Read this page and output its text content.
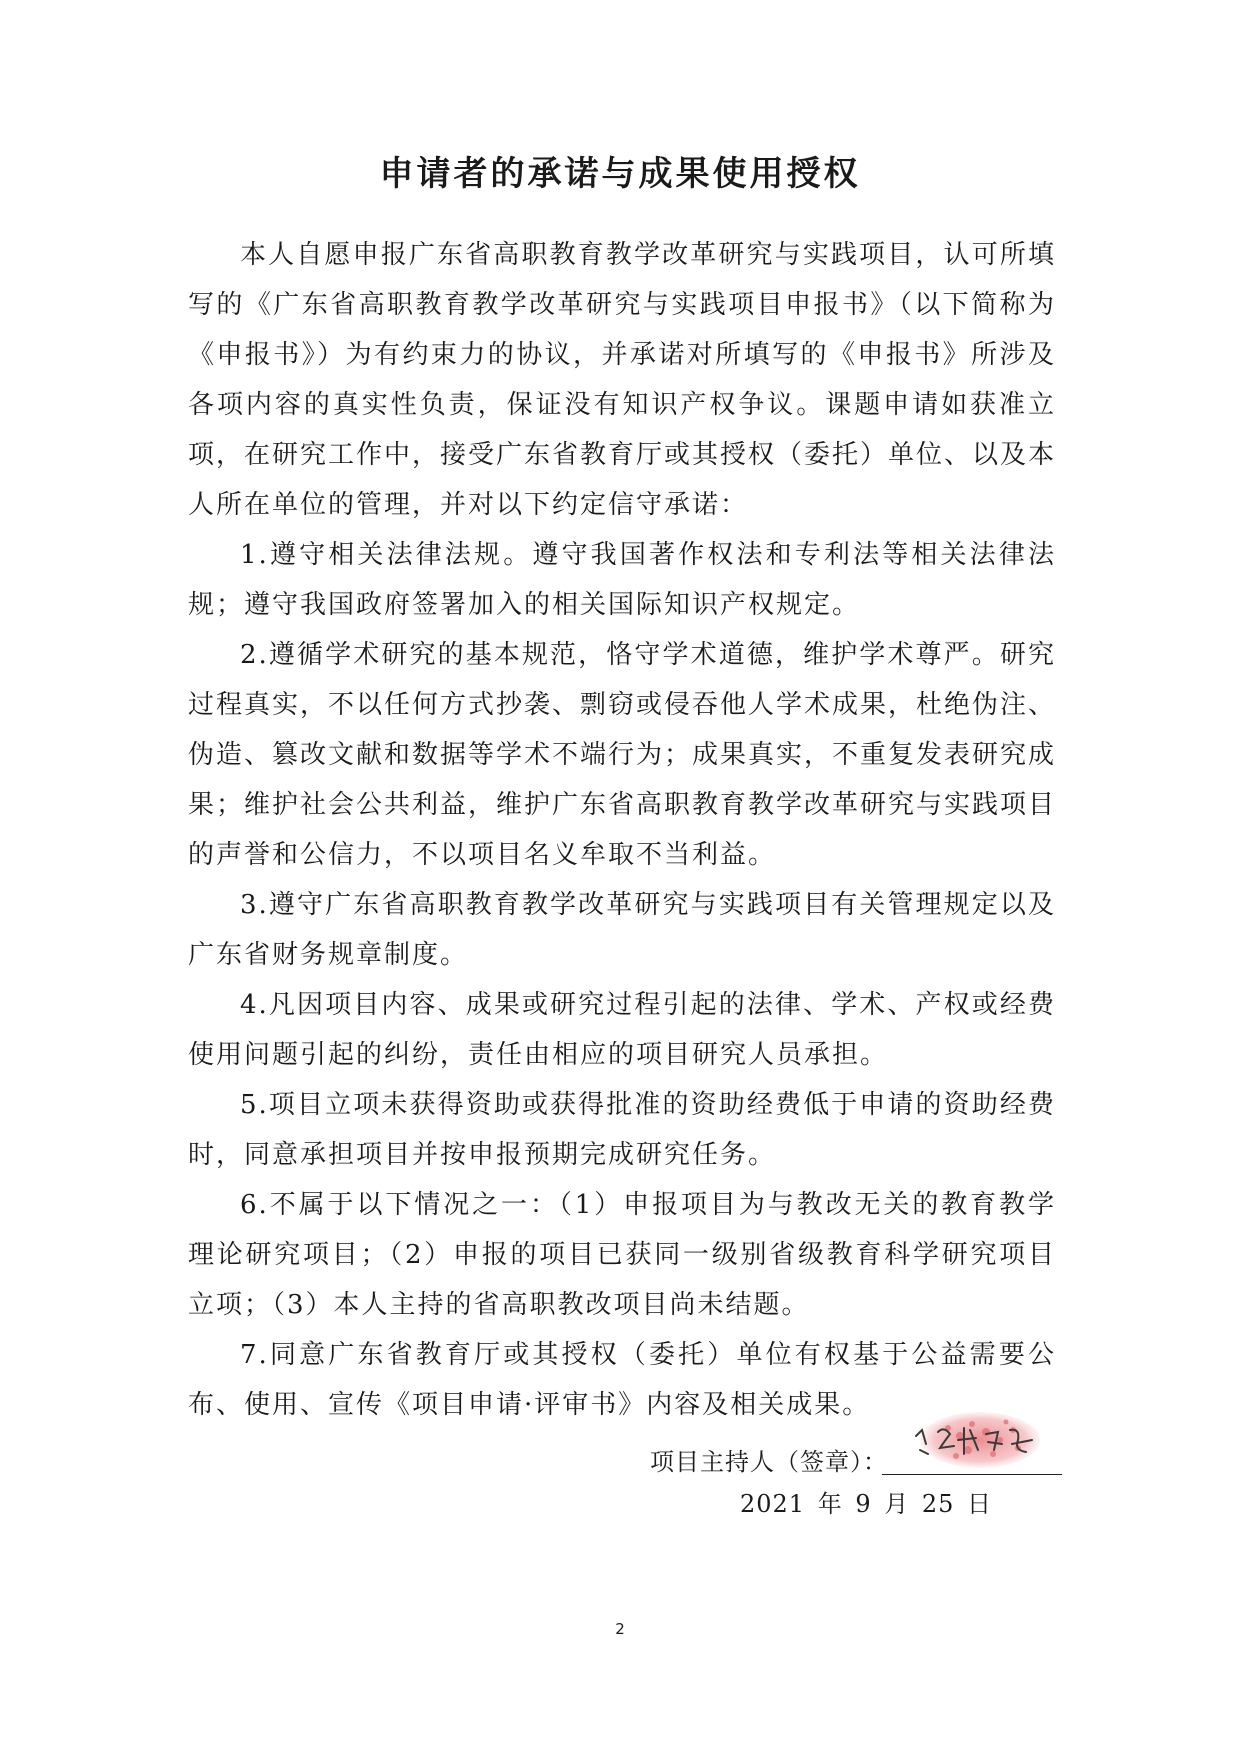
申请者的承诺与成果使用授权

本人自愿申报广东省高职教育教学改革研究与实践项目，认可所填写的《广东省高职教育教学改革研究与实践项目申报书》（以下简称为《申报书》）为有约束力的协议，并承诺对所填写的《申报书》所涉及各项内容的真实性负责，保证没有知识产权争议。课题申请如获准立项，在研究工作中，接受广东省教育厅或其授权（委托）单位、以及本人所在单位的管理，并对以下约定信守承诺：

1.遵守相关法律法规。遵守我国著作权法和专利法等相关法律法规；遵守我国政府签署加入的相关国际知识产权规定。

2.遵循学术研究的基本规范，恪守学术道德，维护学术尊严。研究过程真实，不以任何方式抄袭、剽窃或侵吞他人学术成果，杜绝伪注、伪造、篡改文献和数据等学术不端行为；成果真实，不重复发表研究成果；维护社会公共利益，维护广东省高职教育教学改革研究与实践项目的声誉和公信力，不以项目名义牟取不当利益。

3.遵守广东省高职教育教学改革研究与实践项目有关管理规定以及广东省财务规章制度。

4.凡因项目内容、成果或研究过程引起的法律、学术、产权或经费使用问题引起的纠纷，责任由相应的项目研究人员承担。

5.项目立项未获得资助或获得批准的资助经费低于申请的资助经费时，同意承担项目并按申报预期完成研究任务。

6.不属于以下情况之一：（1）申报项目为与教改无关的教育教学理论研究项目；（2）申报的项目已获同一级别省级教育科学研究项目立项；（3）本人主持的省高职教改项目尚未结题。

7.同意广东省教育厅或其授权（委托）单位有权基于公益需要公布、使用、宣传《项目申请·评审书》内容及相关成果。

项目主持人（签章）：
2021 年 9 月 25 日
2
